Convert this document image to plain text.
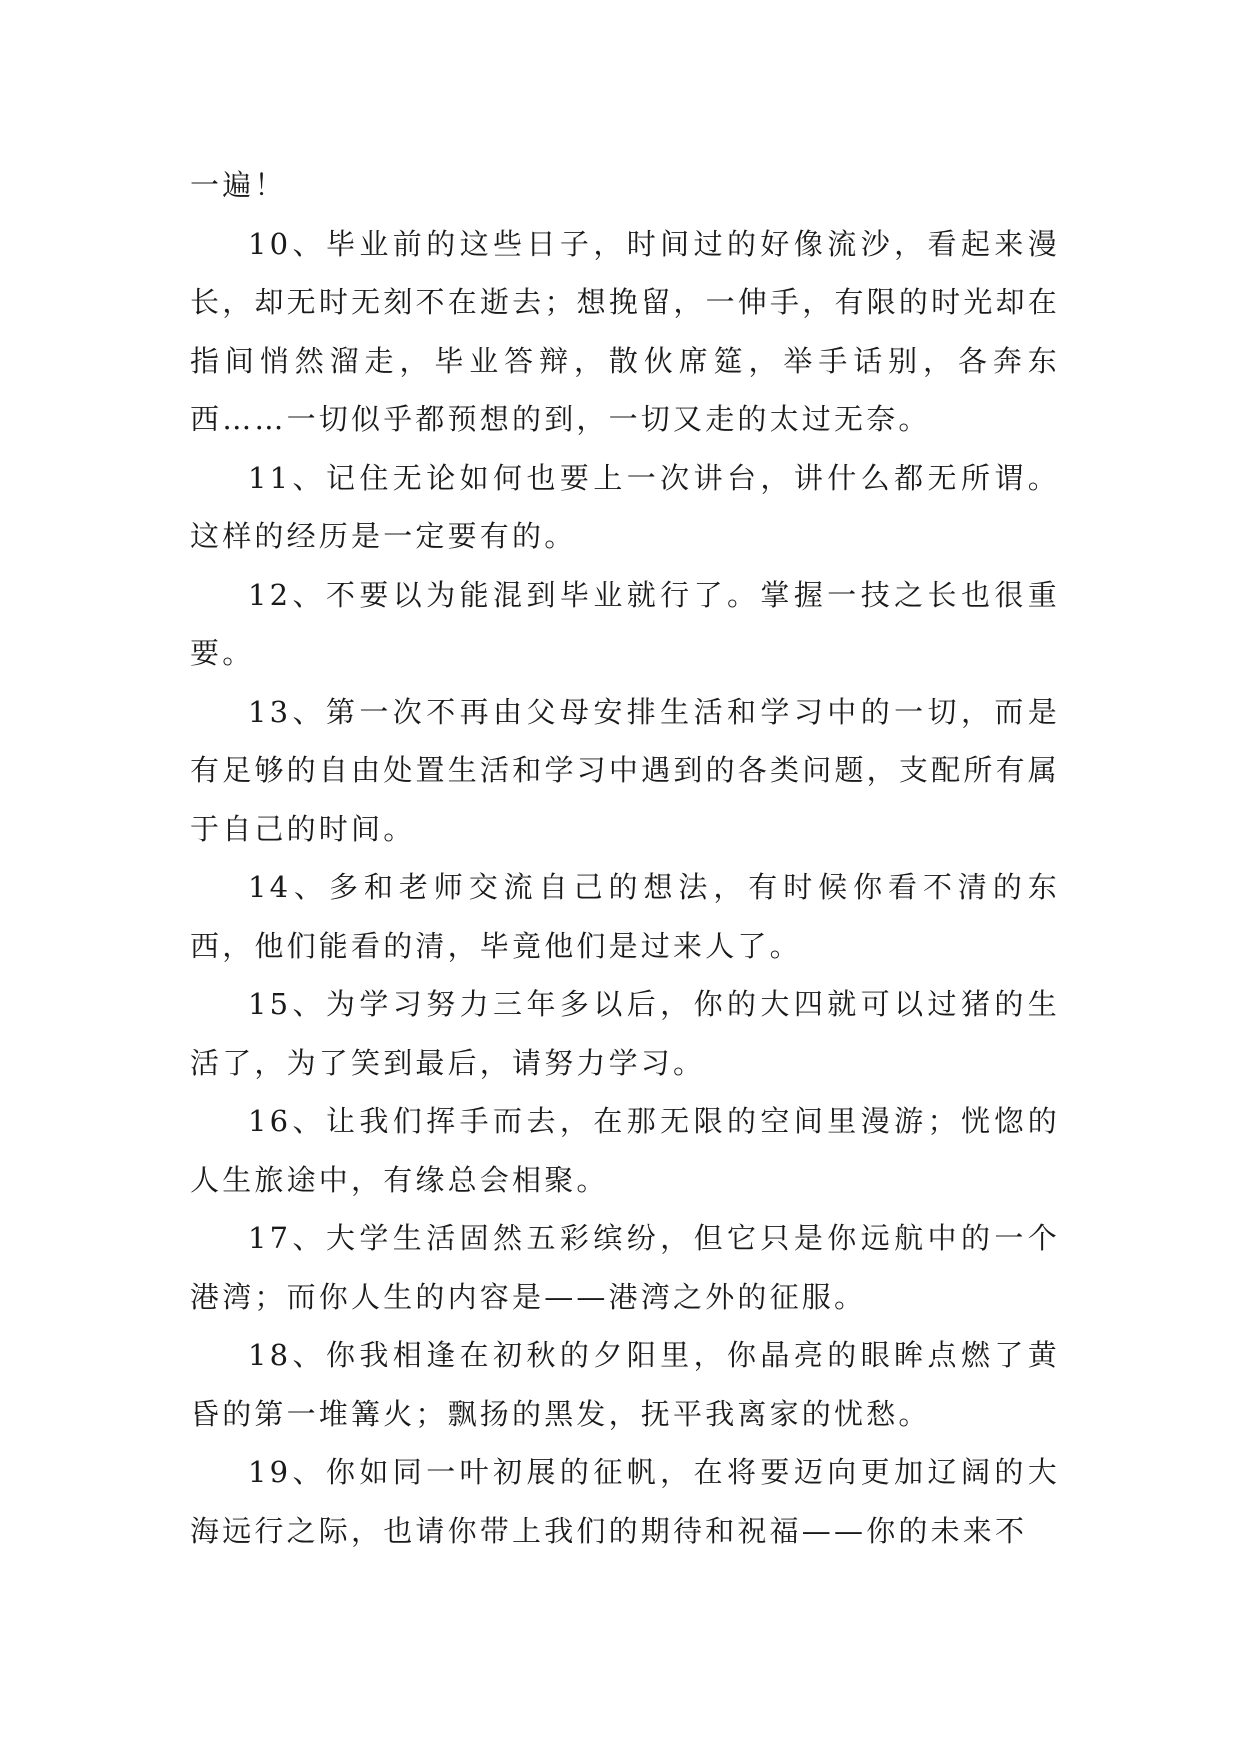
一遍！

10、毕业前的这些日子，时间过的好像流沙，看起来漫长，却无时无刻不在逝去；想挽留，一伸手，有限的时光却在指间悄然溜走，毕业答辩，散伙席筵，举手话别，各奔东西……一切似乎都预想的到，一切又走的太过无奈。

11、记住无论如何也要上一次讲台，讲什么都无所谓。这样的经历是一定要有的。

12、不要以为能混到毕业就行了。掌握一技之长也很重要。

13、第一次不再由父母安排生活和学习中的一切，而是有足够的自由处置生活和学习中遇到的各类问题，支配所有属于自己的时间。

14、多和老师交流自己的想法，有时候你看不清的东西，他们能看的清，毕竟他们是过来人了。

15、为学习努力三年多以后，你的大四就可以过猪的生活了，为了笑到最后，请努力学习。

16、让我们挥手而去，在那无限的空间里漫游；恍惚的人生旅途中，有缘总会相聚。

17、大学生活固然五彩缤纷，但它只是你远航中的一个港湾；而你人生的内容是——港湾之外的征服。

18、你我相逢在初秋的夕阳里，你晶亮的眼眸点燃了黄昏的第一堆篝火；飘扬的黑发，抚平我离家的忧愁。

19、你如同一叶初展的征帆，在将要迈向更加辽阔的大海远行之际，也请你带上我们的期待和祝福——你的未来不
